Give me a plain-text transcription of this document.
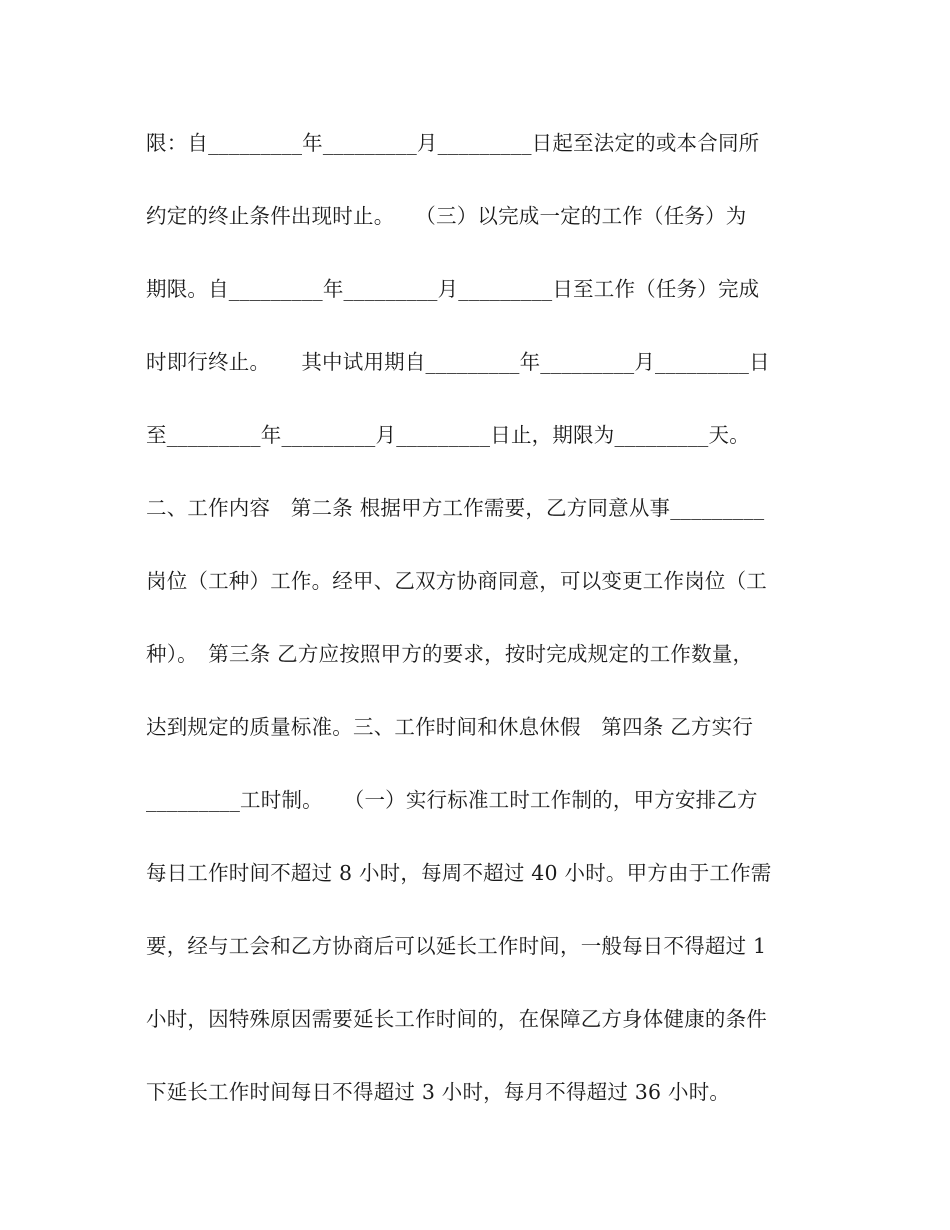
限：自_________年_________月_________日起至法定的或本合同所
约定的终止条件出现时止。　　（三）以完成一定的工作（任务）为
期限。自_________年_________月_________日至工作（任务）完成
时即行终止。　　其中试用期自_________年_________月_________日
至_________年_________月_________日止，期限为_________天。
二、工作内容　第二条 根据甲方工作需要，乙方同意从事_________
岗位（工种）工作。经甲、乙双方协商同意，可以变更工作岗位（工
种）。　第三条 乙方应按照甲方的要求，按时完成规定的工作数量，
达到规定的质量标准。三、工作时间和休息休假　第四条 乙方实行
_________工时制。　　（一）实行标准工时工作制的，甲方安排乙方
每日工作时间不超过 8 小时，每周不超过 40 小时。甲方由于工作需
要，经与工会和乙方协商后可以延长工作时间，一般每日不得超过 1
小时，因特殊原因需要延长工作时间的，在保障乙方身体健康的条件
下延长工作时间每日不得超过 3 小时，每月不得超过 36 小时。
